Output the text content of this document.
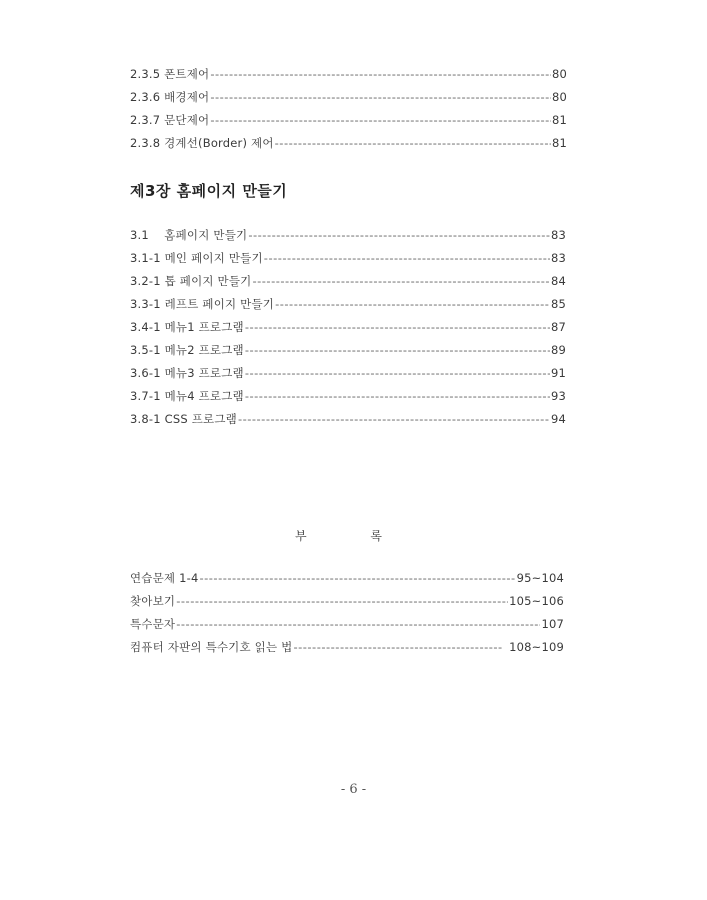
2.3.5 폰트제어 -----	80
2.3.6 배경제어 -----	80
2.3.7 문단제어 -----	81
2.3.8 경계선(Border) 제어 -----	81
제3장 홈페이지 만들기
3.1    홈페이지 만들기 -----	83
3.1-1 메인 페이지 만들기 -----	83
3.2-1 톱 페이지 만들기 -----	84
3.3-1 레프트 페이지 만들기 -----	85
3.4-1 메뉴1 프로그램 -----	87
3.5-1 메뉴2 프로그램 -----	89
3.6-1 메뉴3 프로그램 -----	91
3.7-1 메뉴4 프로그램 -----	93
3.8-1 CSS 프로그램 -----	94
부 록
연습문제 1-4 -----	95~104
찾아보기 -----	105~106
특수문자 -----	107
컴퓨터 자판의 특수기호 읽는 법 -----	108~109
- 6 -
